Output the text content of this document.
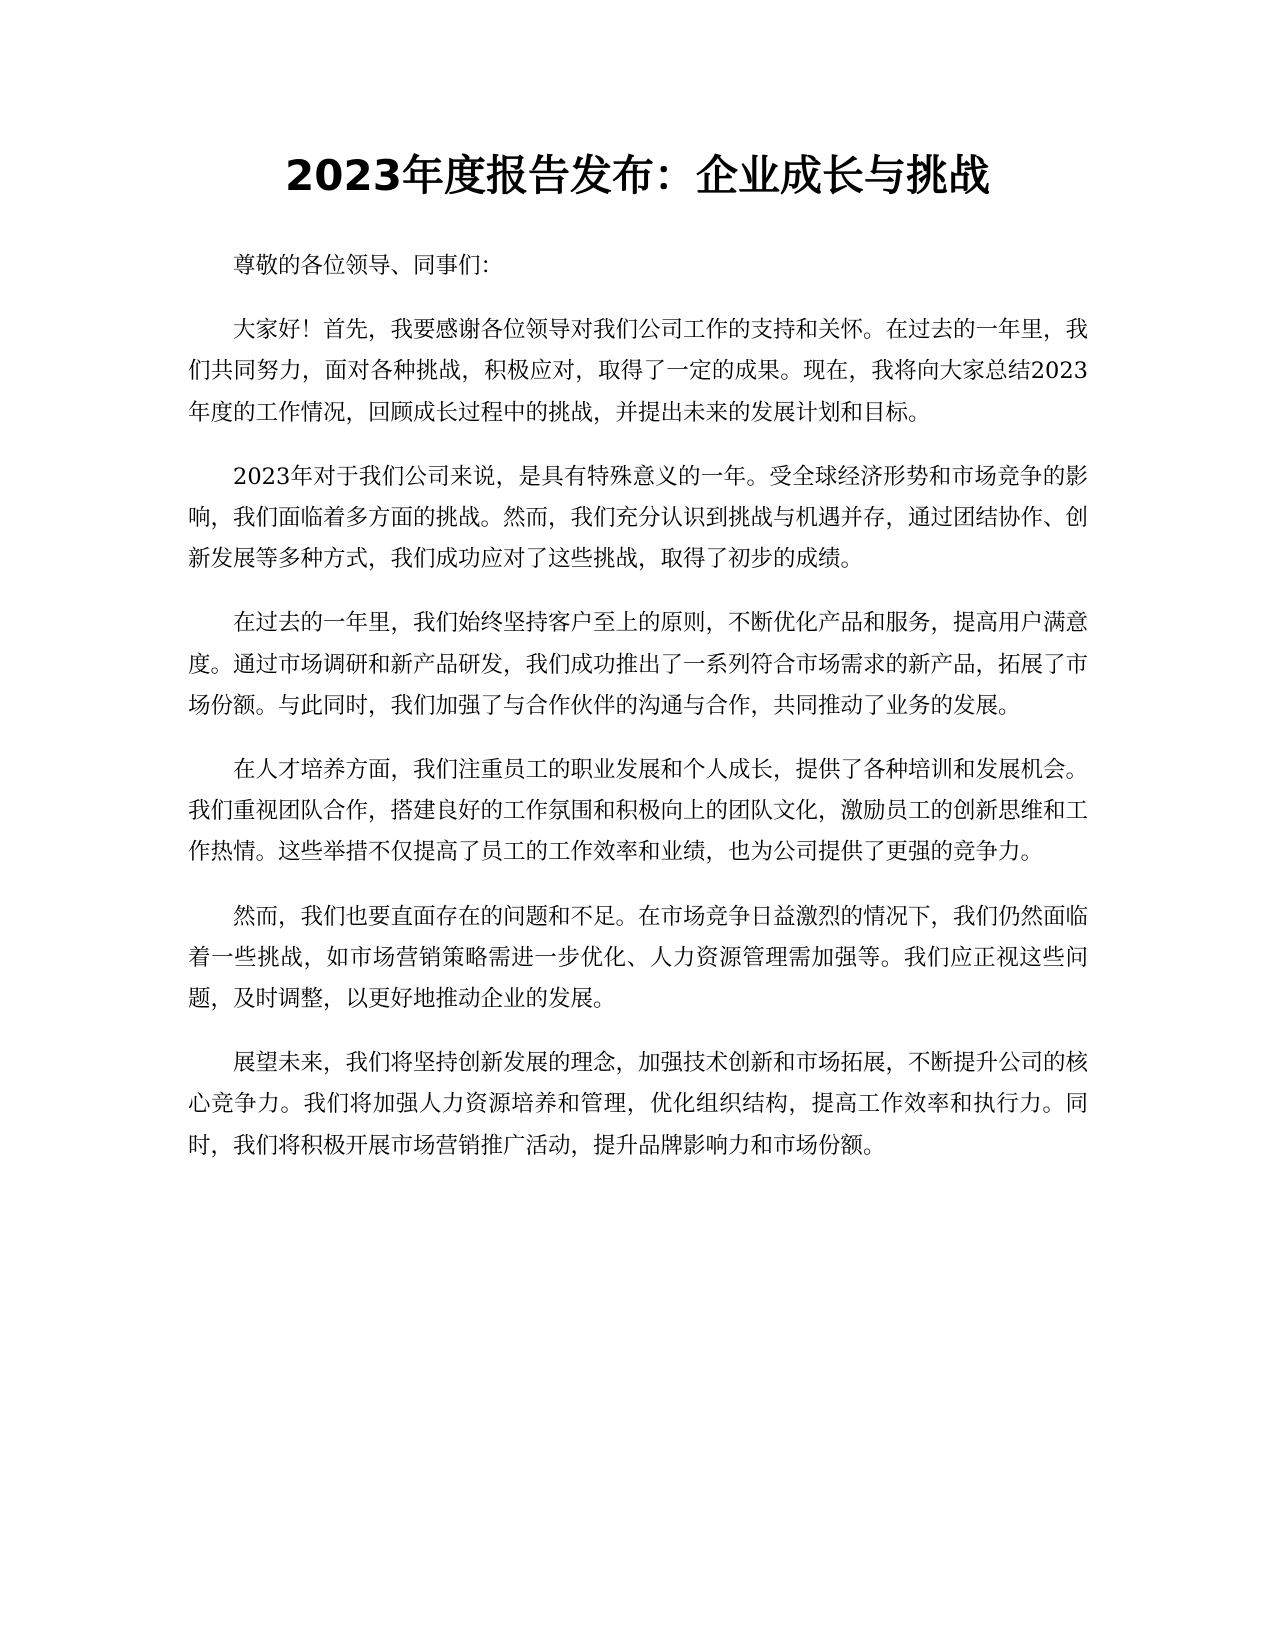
2023年度报告发布：企业成长与挑战

尊敬的各位领导、同事们：

大家好！首先，我要感谢各位领导对我们公司工作的支持和关怀。在过去的一年里，我们共同努力，面对各种挑战，积极应对，取得了一定的成果。现在，我将向大家总结2023年度的工作情况，回顾成长过程中的挑战，并提出未来的发展计划和目标。

2023年对于我们公司来说，是具有特殊意义的一年。受全球经济形势和市场竞争的影响，我们面临着多方面的挑战。然而，我们充分认识到挑战与机遇并存，通过团结协作、创新发展等多种方式，我们成功应对了这些挑战，取得了初步的成绩。

在过去的一年里，我们始终坚持客户至上的原则，不断优化产品和服务，提高用户满意度。通过市场调研和新产品研发，我们成功推出了一系列符合市场需求的新产品，拓展了市场份额。与此同时，我们加强了与合作伙伴的沟通与合作，共同推动了业务的发展。

在人才培养方面，我们注重员工的职业发展和个人成长，提供了各种培训和发展机会。我们重视团队合作，搭建良好的工作氛围和积极向上的团队文化，激励员工的创新思维和工作热情。这些举措不仅提高了员工的工作效率和业绩，也为公司提供了更强的竞争力。

然而，我们也要直面存在的问题和不足。在市场竞争日益激烈的情况下，我们仍然面临着一些挑战，如市场营销策略需进一步优化、人力资源管理需加强等。我们应正视这些问题，及时调整，以更好地推动企业的发展。

展望未来，我们将坚持创新发展的理念，加强技术创新和市场拓展，不断提升公司的核心竞争力。我们将加强人力资源培养和管理，优化组织结构，提高工作效率和执行力。同时，我们将积极开展市场营销推广活动，提升品牌影响力和市场份额。
